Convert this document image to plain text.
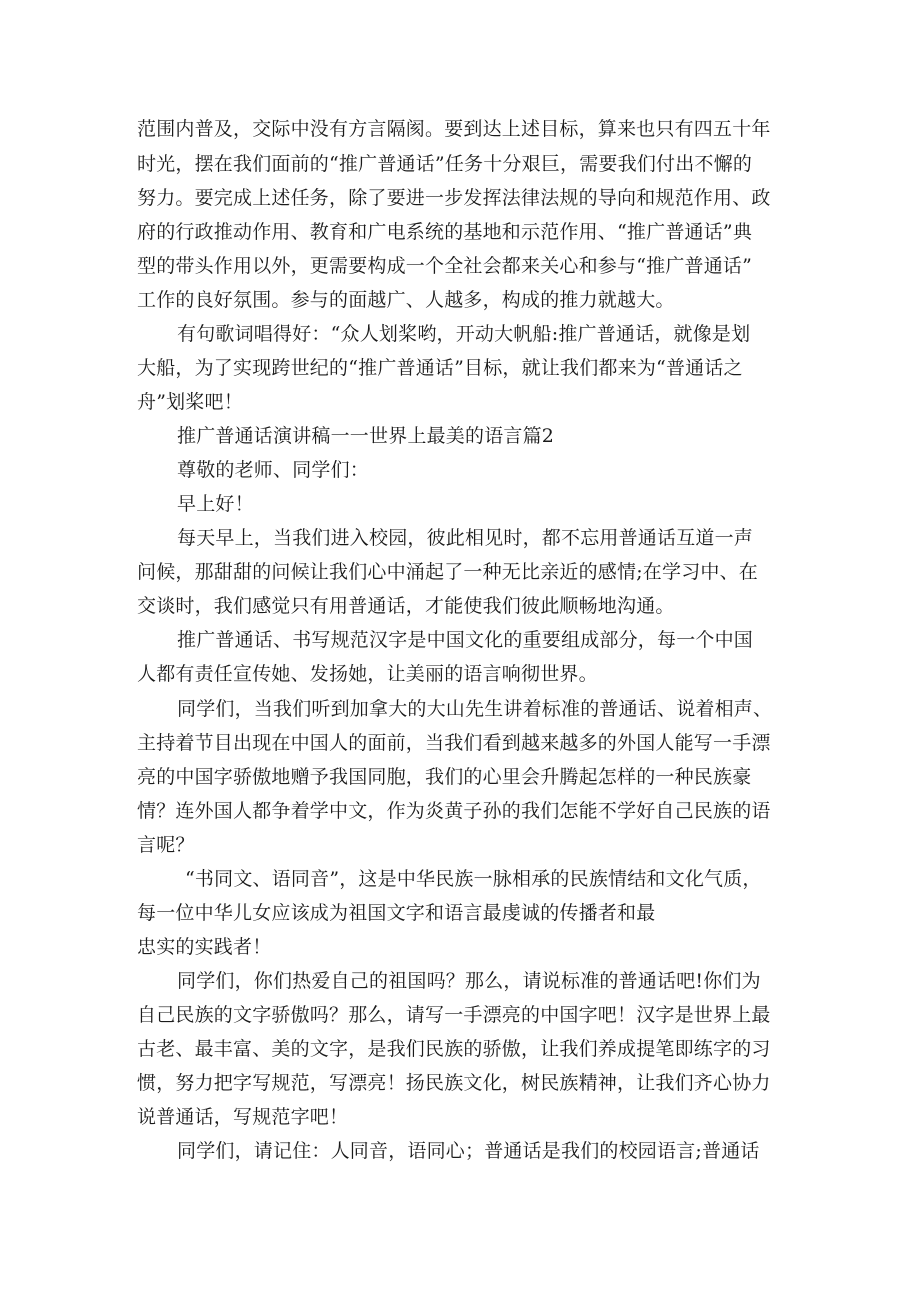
范围内普及，交际中没有方言隔阂。要到达上述目标，算来也只有四五十年
时光，摆在我们面前的“推广普通话”任务十分艰巨，需要我们付出不懈的
努力。要完成上述任务，除了要进一步发挥法律法规的导向和规范作用、政
府的行政推动作用、教育和广电系统的基地和示范作用、“推广普通话”典
型的带头作用以外，更需要构成一个全社会都来关心和参与“推广普通话”
工作的良好氛围。参与的面越广、人越多，构成的推力就越大。
有句歌词唱得好：“众人划桨哟，开动大帆船:推广普通话，就像是划
大船，为了实现跨世纪的“推广普通话”目标，就让我们都来为“普通话之
舟”划桨吧！
推广普通话演讲稿一一世界上最美的语言篇2
尊敬的老师、同学们：
早上好！
每天早上，当我们进入校园，彼此相见时，都不忘用普通话互道一声
问候，那甜甜的问候让我们心中涌起了一种无比亲近的感情;在学习中、在
交谈时，我们感觉只有用普通话，才能使我们彼此顺畅地沟通。
推广普通话、书写规范汉字是中国文化的重要组成部分，每一个中国
人都有责任宣传她、发扬她，让美丽的语言响彻世界。
同学们，当我们听到加拿大的大山先生讲着标准的普通话、说着相声、
主持着节目出现在中国人的面前，当我们看到越来越多的外国人能写一手漂
亮的中国字骄傲地赠予我国同胞，我们的心里会升腾起怎样的一种民族豪
情？连外国人都争着学中文，作为炎黄子孙的我们怎能不学好自己民族的语
言呢？
“书同文、语同音”，这是中华民族一脉相承的民族情结和文化气质，
每一位中华儿女应该成为祖国文字和语言最虔诚的传播者和最
忠实的实践者！
同学们，你们热爱自己的祖国吗？那么，请说标准的普通话吧!你们为
自己民族的文字骄傲吗？那么，请写一手漂亮的中国字吧！汉字是世界上最
古老、最丰富、美的文字，是我们民族的骄傲，让我们养成提笔即练字的习
惯，努力把字写规范，写漂亮！扬民族文化，树民族精神，让我们齐心协力
说普通话，写规范字吧！
同学们，请记住：人同音，语同心；普通话是我们的校园语言;普通话
